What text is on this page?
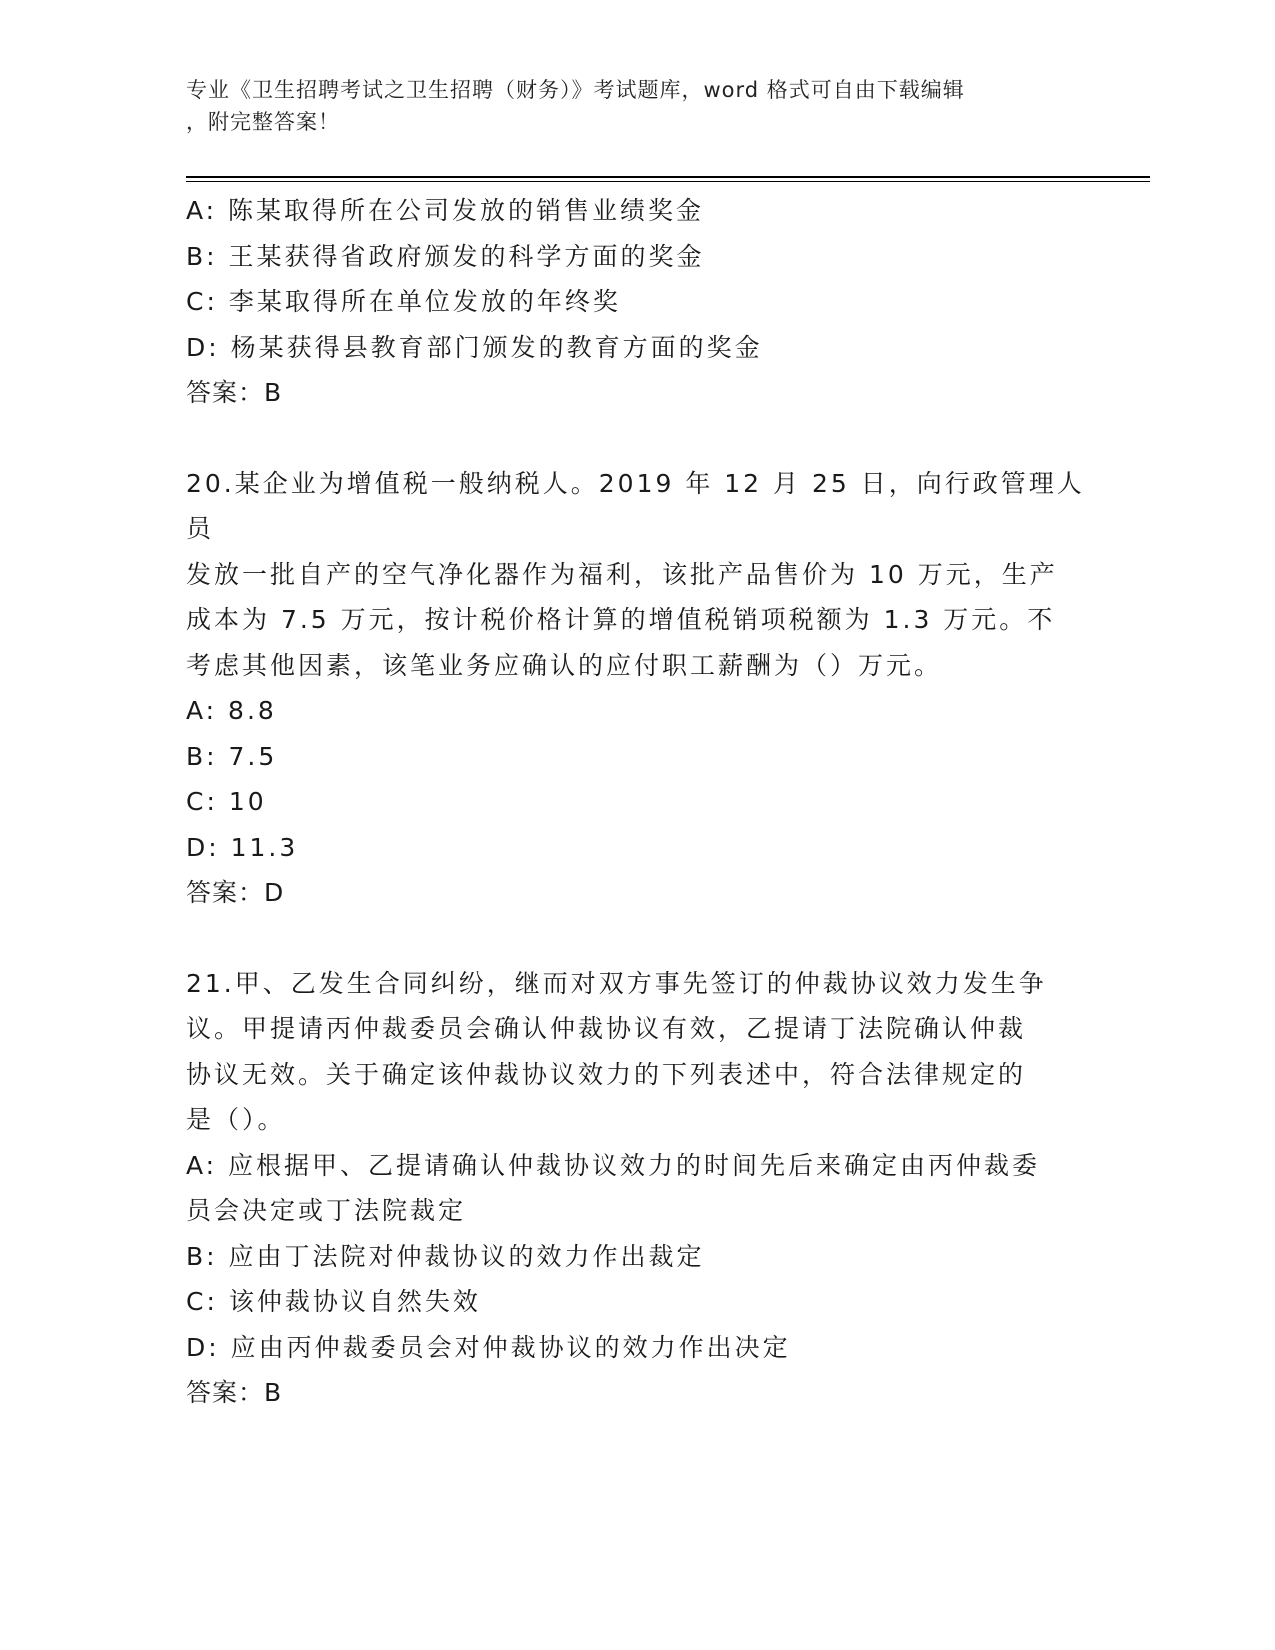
专业《卫生招聘考试之卫生招聘（财务）》考试题库，word 格式可自由下载编辑

，附完整答案！

A: 陈某取得所在公司发放的销售业绩奖金

B: 王某获得省政府颁发的科学方面的奖金

C: 李某取得所在单位发放的年终奖

D: 杨某获得县教育部门颁发的教育方面的奖金

答案：B

20.某企业为增值税一般纳税人。2019 年 12 月 25 日，向行政管理人员

发放一批自产的空气净化器作为福利，该批产品售价为 10 万元，生产

成本为 7.5 万元，按计税价格计算的增值税销项税额为 1.3 万元。不

考虑其他因素，该笔业务应确认的应付职工薪酬为（）万元。

A: 8.8

B: 7.5

C: 10

D: 11.3

答案：D

21.甲、乙发生合同纠纷，继而对双方事先签订的仲裁协议效力发生争

议。甲提请丙仲裁委员会确认仲裁协议有效，乙提请丁法院确认仲裁

协议无效。关于确定该仲裁协议效力的下列表述中，符合法律规定的

是（）。

A: 应根据甲、乙提请确认仲裁协议效力的时间先后来确定由丙仲裁委

员会决定或丁法院裁定

B: 应由丁法院对仲裁协议的效力作出裁定

C: 该仲裁协议自然失效

D: 应由丙仲裁委员会对仲裁协议的效力作出决定

答案：B
